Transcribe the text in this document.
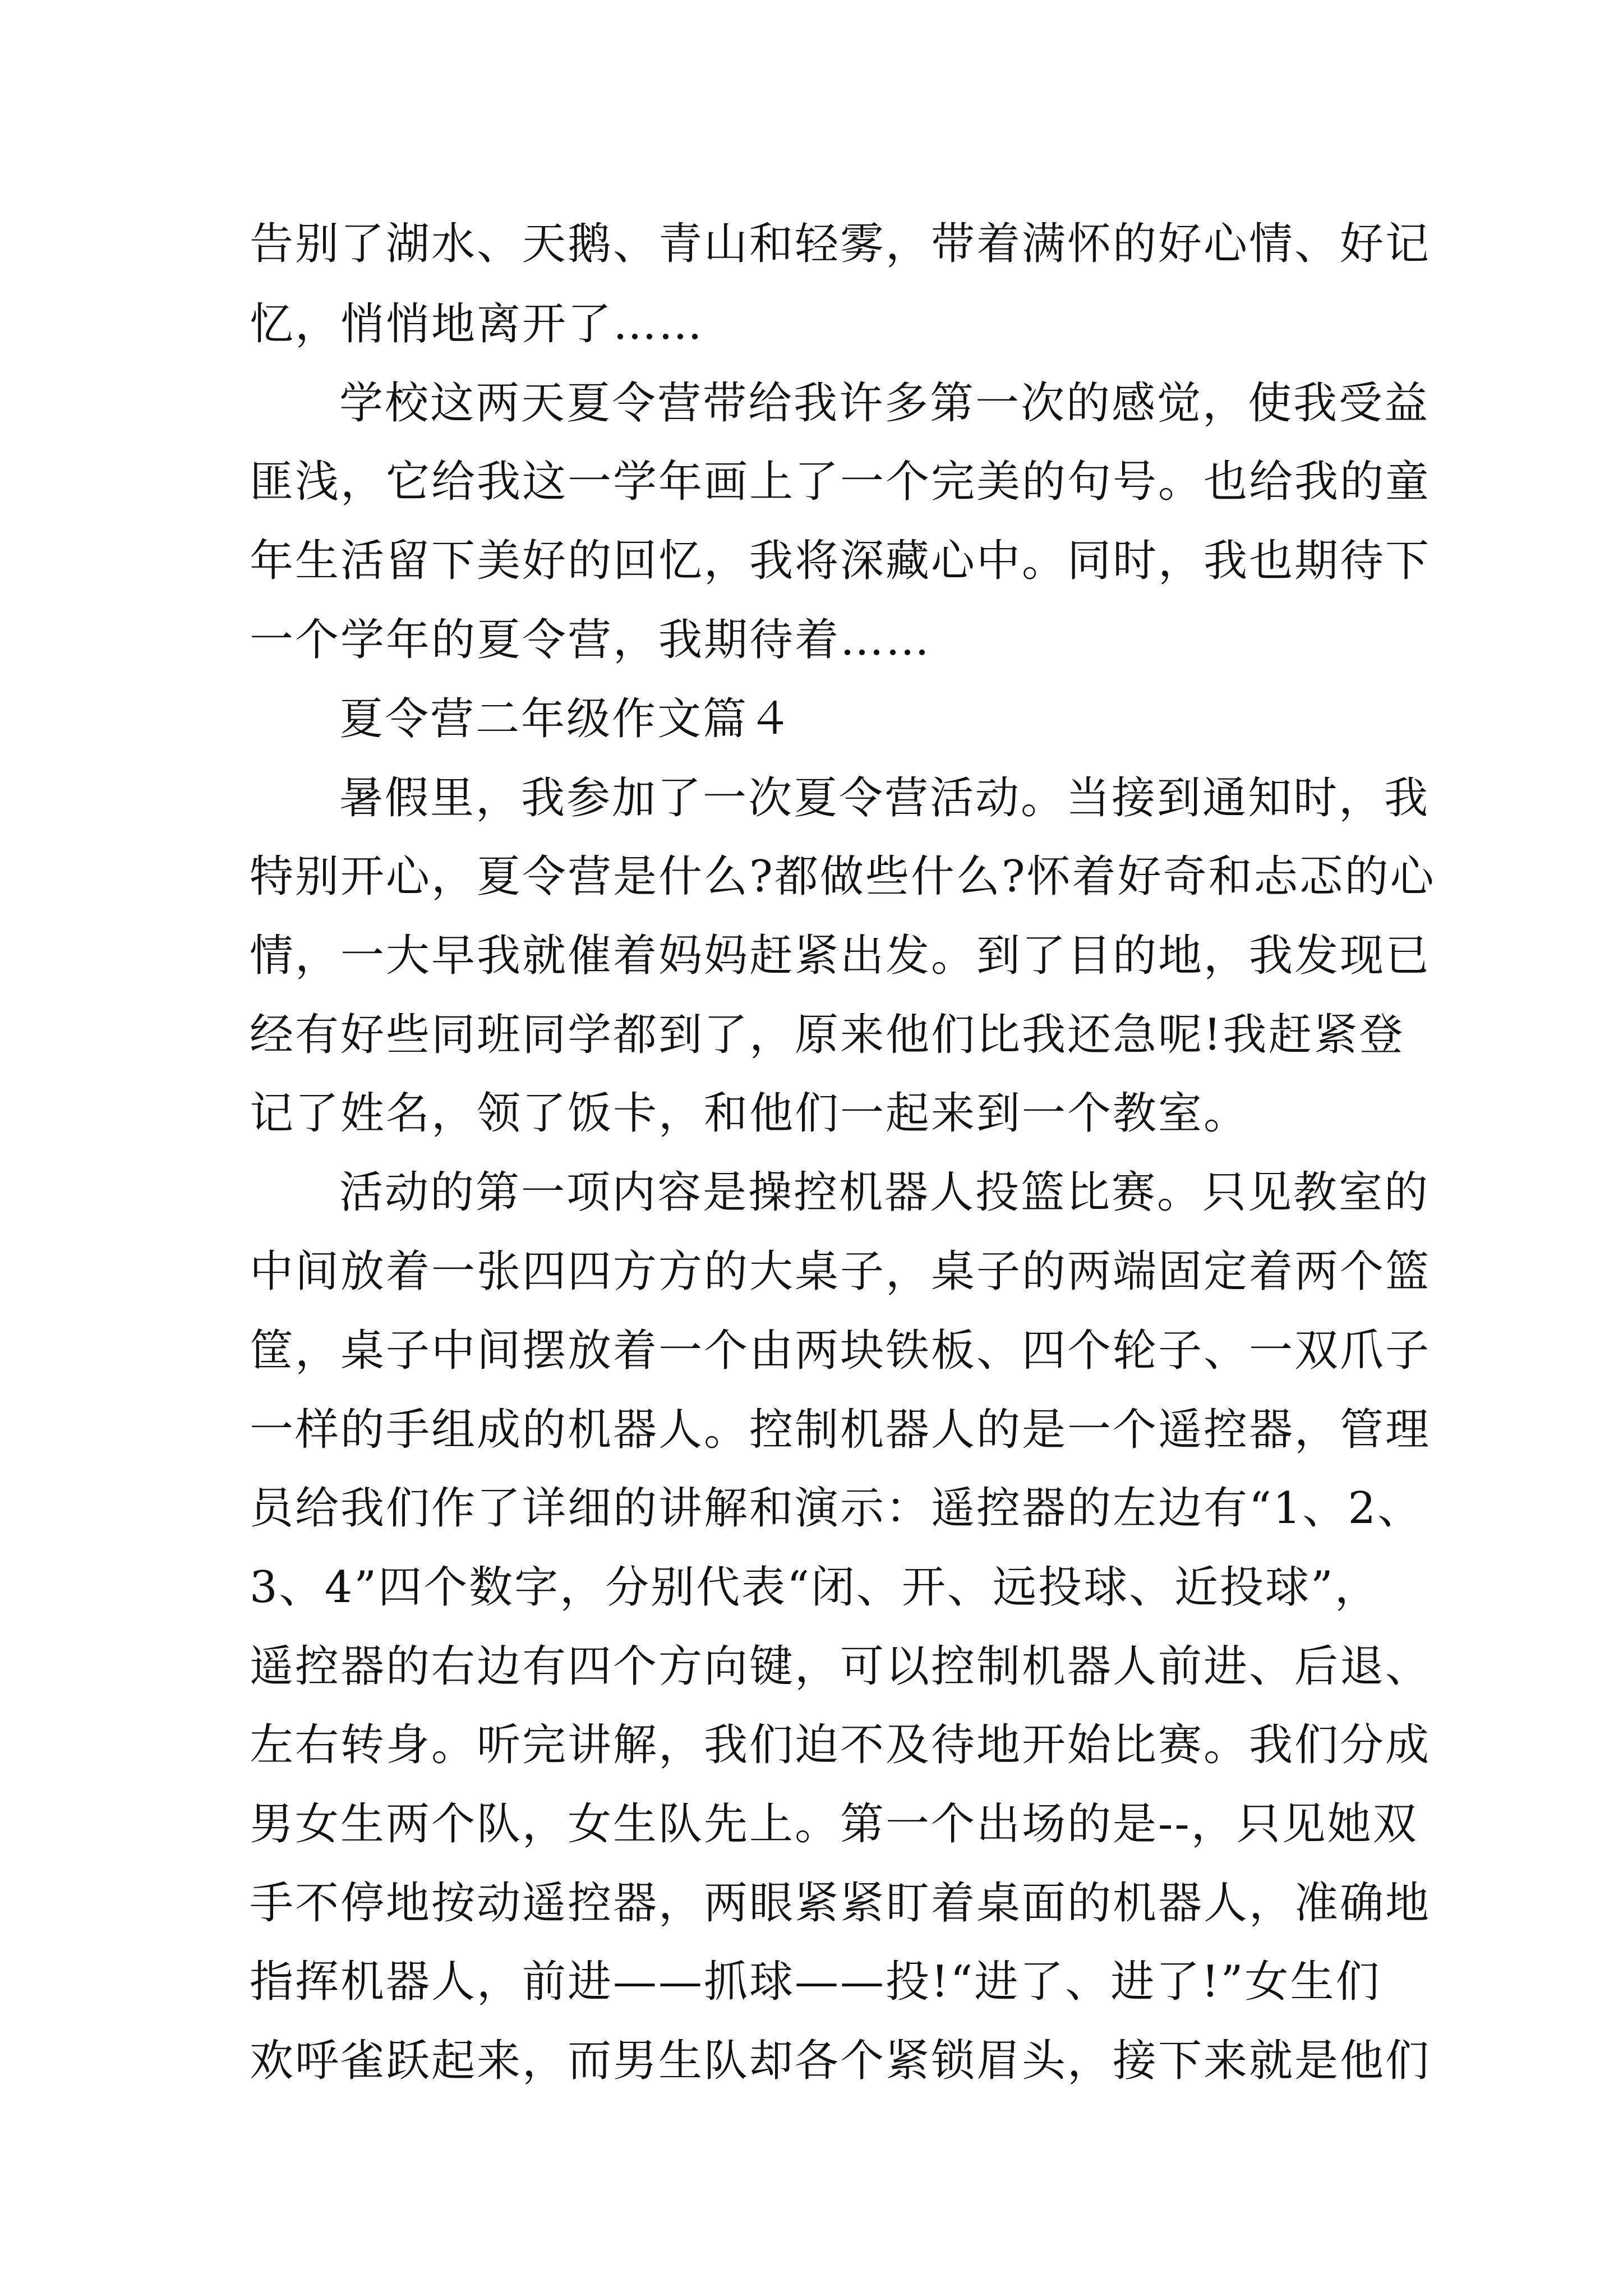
告别了湖水、天鹅、青山和轻雾，带着满怀的好心情、好记
忆，悄悄地离开了……
学校这两天夏令营带给我许多第一次的感觉，使我受益
匪浅，它给我这一学年画上了一个完美的句号。也给我的童
年生活留下美好的回忆，我将深藏心中。同时，我也期待下
一个学年的夏令营，我期待着……
夏令营二年级作文篇４
暑假里，我参加了一次夏令营活动。当接到通知时，我
特别开心，夏令营是什么?都做些什么?怀着好奇和忐忑的心
情，一大早我就催着妈妈赶紧出发。到了目的地，我发现已
经有好些同班同学都到了，原来他们比我还急呢!我赶紧登
记了姓名，领了饭卡，和他们一起来到一个教室。
活动的第一项内容是操控机器人投篮比赛。只见教室的
中间放着一张四四方方的大桌子，桌子的两端固定着两个篮
筐，桌子中间摆放着一个由两块铁板、四个轮子、一双爪子
一样的手组成的机器人。控制机器人的是一个遥控器，管理
员给我们作了详细的讲解和演示：遥控器的左边有“1、2、
3、4”四个数字，分别代表“闭、开、远投球、近投球”，
遥控器的右边有四个方向键，可以控制机器人前进、后退、
左右转身。听完讲解，我们迫不及待地开始比赛。我们分成
男女生两个队，女生队先上。第一个出场的是--，只见她双
手不停地按动遥控器，两眼紧紧盯着桌面的机器人，准确地
指挥机器人，前进——抓球——投!“进了、进了!”女生们
欢呼雀跃起来，而男生队却各个紧锁眉头，接下来就是他们
